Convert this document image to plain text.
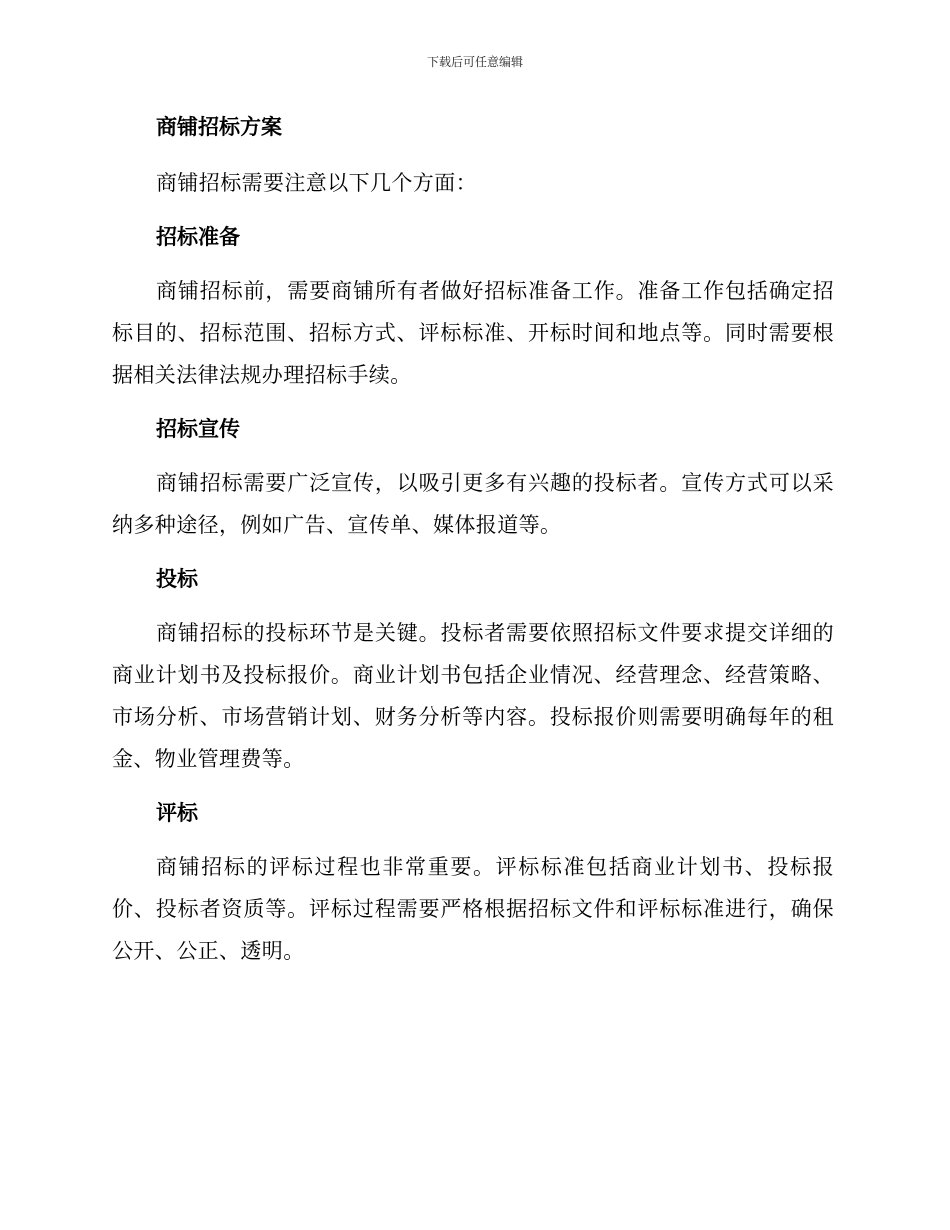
下载后可任意编辑
商铺招标方案

商铺招标需要注意以下几个方面：

招标准备

商铺招标前，需要商铺所有者做好招标准备工作。准备工作包括确定招标目的、招标范围、招标方式、评标标准、开标时间和地点等。同时需要根据相关法律法规办理招标手续。

招标宣传

商铺招标需要广泛宣传，以吸引更多有兴趣的投标者。宣传方式可以采纳多种途径，例如广告、宣传单、媒体报道等。

投标

商铺招标的投标环节是关键。投标者需要依照招标文件要求提交详细的商业计划书及投标报价。商业计划书包括企业情况、经营理念、经营策略、市场分析、市场营销计划、财务分析等内容。投标报价则需要明确每年的租金、物业管理费等。

评标

商铺招标的评标过程也非常重要。评标标准包括商业计划书、投标报价、投标者资质等。评标过程需要严格根据招标文件和评标标准进行，确保公开、公正、透明。
